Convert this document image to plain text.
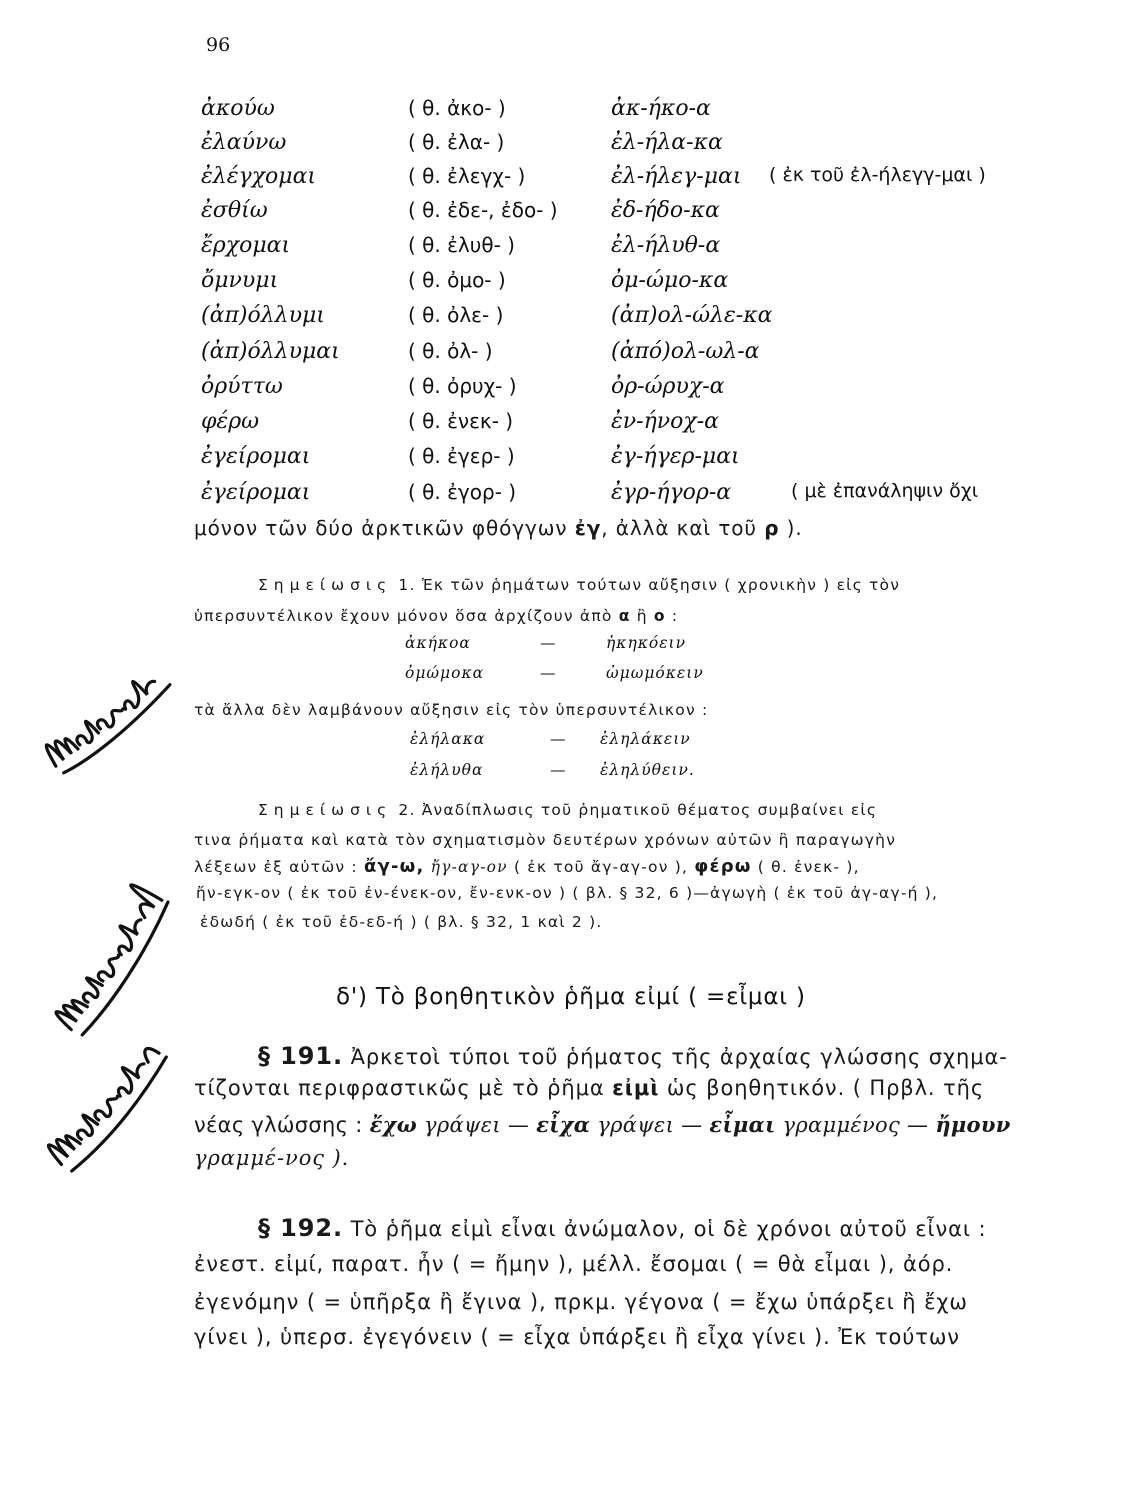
96
ἀκούω	( θ. ἀκο- )	ἀκ-ήκο-α
ἐλαύνω	( θ. ἐλα- )	ἐλ-ήλα-κα
ἐλέγχομαι	( θ. ἐλεγχ- )	ἐλ-ήλεγ-μαι ( ἐκ τοῦ ἐλ-ήλεγγ-μαι )
ἐσθίω	( θ. ἐδε-, ἐδο- ) ἐδ-ήδο-κα
ἔρχομαι	( θ. ἐλυθ- )	ἐλ-ήλυθ-α
ὄμνυμι	( θ. ὀμο- )	ὀμ-ώμο-κα
(ἀπ)όλλυμι	( θ. ὀλε- )	(ἀπ)ολ-ώλε-κα
(ἀπ)όλλυμαι	( θ. ὀλ- )	(ἀπό)ολ-ωλ-α
ὀρύττω	( θ. ὀρυχ- )	ὀρ-ώρυχ-α
φέρω	( θ. ἐνεκ- )	ἐν-ήνοχ-α
ἐγείρομαι	( θ. ἐγερ- )	ἐγ-ήγερ-μαι
ἐγείρομαι	( θ. ἐγορ- )	ἐγρ-ήγορ-α	( μὲ ἐπανάληψιν ὄχι
μόνον τῶν δύο ἀρκτικῶν φθόγγων ἐγ, ἀλλὰ καὶ τοῦ ρ ).
Σημείωσις 1. Ἐκ τῶν ῥημάτων τούτων αὔξησιν ( χρονικὴν ) εἰς τὸν
ὑπερσυντέλικον ἔχουν μόνον ὅσα ἀρχίζουν ἀπὸ α ἢ ο :
ἀκήκοα	—	ἠκηκόειν
ὀμώμοκα	—	ὠμωμόκειν
τὰ ἄλλα δὲν λαμβάνουν αὔξησιν εἰς τὸν ὑπερσυντέλικον :
ἐλήλακα	— ἐληλάκειν
ἐλήλυθα	— ἐληλύθειν.
Σημείωσις 2. Ἀναδίπλωσις τοῦ ῥηματικοῦ θέματος συμβαίνει εἰς
τινα ῥήματα καὶ κατὰ τὸν σχηματισμὸν δευτέρων χρόνων αὐτῶν ἢ παραγωγὴν
λέξεων ἐξ αὐτῶν : ἄγ-ω, ἤγ-αγ-ον ( ἐκ τοῦ ἄγ-αγ-ον ), φέρω ( θ. ἐνεκ- ),
ἤν-εγκ-ον ( ἐκ τοῦ ἐν-ένεκ-ον, ἔν-ενκ-ον ) ( βλ. § 32, 6 )—ἀγωγὴ ( ἐκ τοῦ ἀγ-αγ-ή ),
ἐδωδή ( ἐκ τοῦ ἐδ-εδ-ή ) ( βλ. § 32, 1 καὶ 2 ).
δ') Τὸ βοηθητικὸν ῥῆμα εἰμί ( =εἶμαι )
§ 191. Ἀρκετοὶ τύποι τοῦ ῥήματος τῆς ἀρχαίας γλώσσης σχημα-
τίζονται περιφραστικῶς μὲ τὸ ῥῆμα εἰμὶ ὡς βοηθητικόν. ( Πρβλ. τῆς
νέας γλώσσης : ἔχω γράψει — εἶχα γράψει — εἶμαι γραμμένος — ἤμουν
γραμμέ-νος ).
§ 192. Τὸ ῥῆμα εἰμὶ εἶναι ἀνώμαλον, οἱ δὲ χρόνοι αὐτοῦ εἶναι :
ἐνεστ. εἰμί, παρατ. ἦν ( = ἤμην ), μέλλ. ἔσομαι ( = θὰ εἶμαι ), ἀόρ.
ἐγενόμην ( = ὑπῆρξα ἢ ἔγινα ), πρκμ. γέγονα ( = ἔχω ὑπάρξει ἢ ἔχω
γίνει ), ὑπερσ. ἐγεγόνειν ( = εἶχα ὑπάρξει ἢ εἶχα γίνει ). Ἐκ τούτων
